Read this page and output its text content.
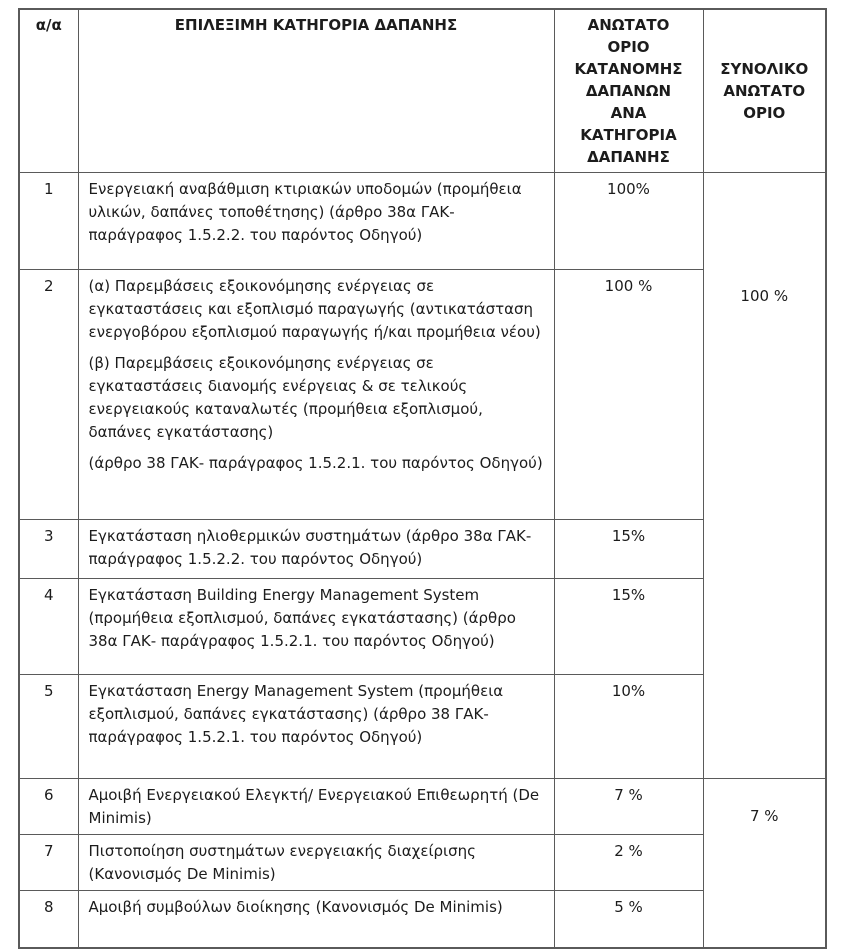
α/α	ΕΠΙΛΕΞΙΜΗ ΚΑΤΗΓΟΡΙΑ ΔΑΠΑΝΗΣ	ΑΝΩΤΑΤΟ ΟΡΙΟ ΚΑΤΑΝΟΜΗΣ ΔΑΠΑΝΩΝ ΑΝΑ ΚΑΤΗΓΟΡΙΑ ΔΑΠΑΝΗΣ	ΣΥΝΟΛΙΚΟ ΑΝΩΤΑΤΟ ΟΡΙΟ
1	Ενεργειακή αναβάθμιση κτιριακών υποδομών (προμήθεια υλικών, δαπάνες τοποθέτησης) (άρθρο 38α ΓΑΚ- παράγραφος 1.5.2.2. του παρόντος Οδηγού)	100%	100 %
2	(α) Παρεμβάσεις εξοικονόμησης ενέργειας σε εγκαταστάσεις και εξοπλισμό παραγωγής (αντικατάσταση ενεργοβόρου εξοπλισμού παραγωγής ή/και προμήθεια νέου)

(β) Παρεμβάσεις εξοικονόμησης ενέργειας σε εγκαταστάσεις διανομής ενέργειας & σε τελικούς ενεργειακούς καταναλωτές (προμήθεια εξοπλισμού, δαπάνες εγκατάστασης)

(άρθρο 38 ΓΑΚ- παράγραφος 1.5.2.1. του παρόντος Οδηγού)	100 %	
3	Εγκατάσταση ηλιοθερμικών συστημάτων (άρθρο 38α ΓΑΚ- παράγραφος 1.5.2.2. του παρόντος Οδηγού)	15%	
4	Εγκατάσταση Building Energy Management System (προμήθεια εξοπλισμού, δαπάνες εγκατάστασης) (άρθρο 38α ΓΑΚ- παράγραφος 1.5.2.1. του παρόντος Οδηγού)	15%	
5	Εγκατάσταση Energy Management System (προμήθεια εξοπλισμού, δαπάνες εγκατάστασης) (άρθρο 38 ΓΑΚ- παράγραφος 1.5.2.1. του παρόντος Οδηγού)	10%	
6	Αμοιβή Ενεργειακού Ελεγκτή/ Ενεργειακού Επιθεωρητή (De Minimis)	7 %	7 %
7	Πιστοποίηση συστημάτων ενεργειακής διαχείρισης (Κανονισμός De Minimis)	2 %	
8	Αμοιβή συμβούλων διοίκησης (Κανονισμός De Minimis)	5 %	
